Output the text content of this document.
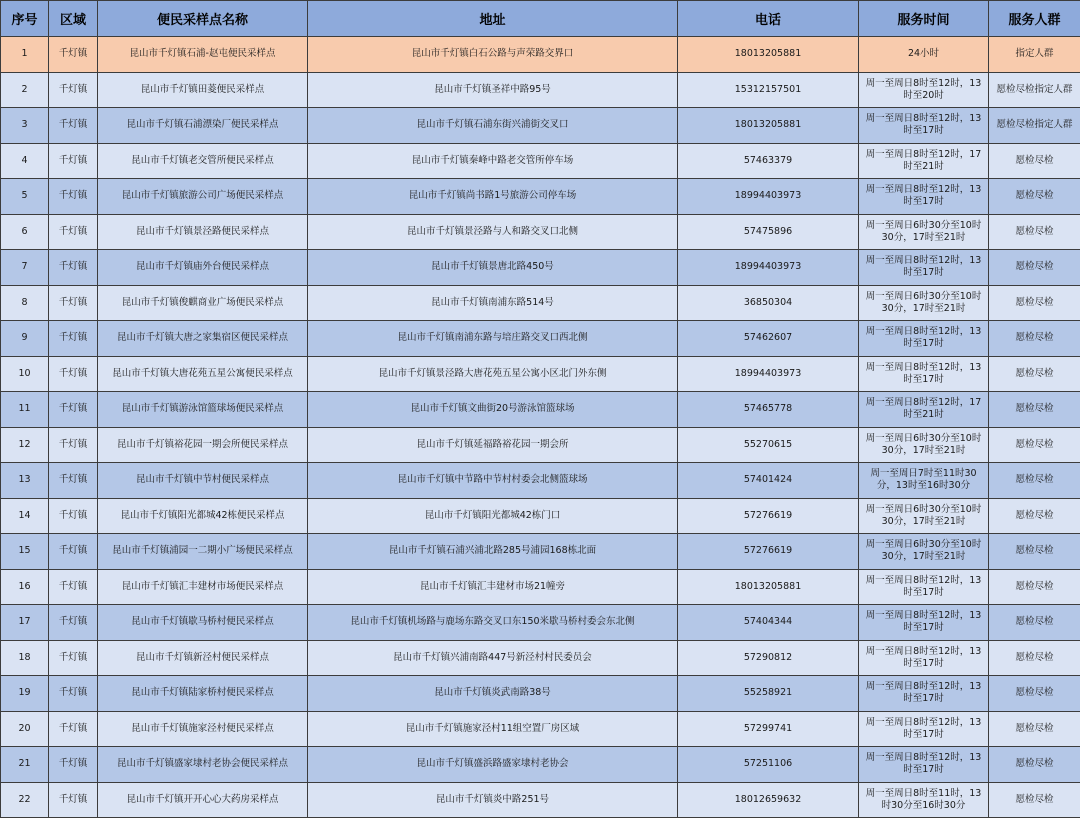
序号	区域	便民采样点名称	地址	电话	服务时间	服务人群
1	千灯镇	昆山市千灯镇石浦-赵屯便民采样点	昆山市千灯镇白石公路与声荣路交界口	18013205881	24小时	指定人群
2	千灯镇	昆山市千灯镇田菱便民采样点	昆山市千灯镇圣祥中路95号	15312157501	周一至周日8时至12时，13时至20时	愿检尽检指定人群
3	千灯镇	昆山市千灯镇石浦漂染厂便民采样点	昆山市千灯镇石浦东街兴浦街交叉口	18013205881	周一至周日8时至12时，13时至17时	愿检尽检指定人群
4	千灯镇	昆山市千灯镇老交管所便民采样点	昆山市千灯镇秦峰中路老交管所停车场	57463379	周一至周日8时至12时，17时至21时	愿检尽检
5	千灯镇	昆山市千灯镇旅游公司广场便民采样点	昆山市千灯镇尚书路1号旅游公司停车场	18994403973	周一至周日8时至12时，13时至17时	愿检尽检
6	千灯镇	昆山市千灯镇景泾路便民采样点	昆山市千灯镇景泾路与人和路交叉口北侧	57475896	周一至周日6时30分至10时30分，17时至21时	愿检尽检
7	千灯镇	昆山市千灯镇庙外台便民采样点	昆山市千灯镇景唐北路450号	18994403973	周一至周日8时至12时，13时至17时	愿检尽检
8	千灯镇	昆山市千灯镇俊麒商业广场便民采样点	昆山市千灯镇南浦东路514号	36850304	周一至周日6时30分至10时30分，17时至21时	愿检尽检
9	千灯镇	昆山市千灯镇大唐之家集宿区便民采样点	昆山市千灯镇南浦东路与培庄路交叉口西北侧	57462607	周一至周日8时至12时，13时至17时	愿检尽检
10	千灯镇	昆山市千灯镇大唐花苑五星公寓便民采样点	昆山市千灯镇景泾路大唐花苑五星公寓小区北门外东侧	18994403973	周一至周日8时至12时，13时至17时	愿检尽检
11	千灯镇	昆山市千灯镇游泳馆篮球场便民采样点	昆山市千灯镇文曲街20号游泳馆篮球场	57465778	周一至周日8时至12时，17时至21时	愿检尽检
12	千灯镇	昆山市千灯镇裕花园一期会所便民采样点	昆山市千灯镇延福路裕花园一期会所	55270615	周一至周日6时30分至10时30分，17时至21时	愿检尽检
13	千灯镇	昆山市千灯镇中节村便民采样点	昆山市千灯镇中节路中节村村委会北侧篮球场	57401424	周一至周日7时至11时30分，13时至16时30分	愿检尽检
14	千灯镇	昆山市千灯镇阳光都城42栋便民采样点	昆山市千灯镇阳光都城42栋门口	57276619	周一至周日6时30分至10时30分，17时至21时	愿检尽检
15	千灯镇	昆山市千灯镇浦园一二期小广场便民采样点	昆山市千灯镇石浦兴浦北路285号浦园168栋北面	57276619	周一至周日6时30分至10时30分，17时至21时	愿检尽检
16	千灯镇	昆山市千灯镇汇丰建材市场便民采样点	昆山市千灯镇汇丰建材市场21幢旁	18013205881	周一至周日8时至12时，13时至17时	愿检尽检
17	千灯镇	昆山市千灯镇歇马桥村便民采样点	昆山市千灯镇机场路与鹿场东路交叉口东150米歇马桥村委会东北侧	57404344	周一至周日8时至12时，13时至17时	愿检尽检
18	千灯镇	昆山市千灯镇新泾村便民采样点	昆山市千灯镇兴浦南路447号新泾村村民委员会	57290812	周一至周日8时至12时，13时至17时	愿检尽检
19	千灯镇	昆山市千灯镇陆家桥村便民采样点	昆山市千灯镇炎武南路38号	55258921	周一至周日8时至12时，13时至17时	愿检尽检
20	千灯镇	昆山市千灯镇施家泾村便民采样点	昆山市千灯镇施家泾村11组空置厂房区域	57299741	周一至周日8时至12时，13时至17时	愿检尽检
21	千灯镇	昆山市千灯镇盛家埭村老协会便民采样点	昆山市千灯镇盛浜路盛家埭村老协会	57251106	周一至周日8时至12时，13时至17时	愿检尽检
22	千灯镇	昆山市千灯镇开开心心大药房采样点	昆山市千灯镇炎中路251号	18012659632	周一至周日8时至11时，13时30分至16时30分	愿检尽检
